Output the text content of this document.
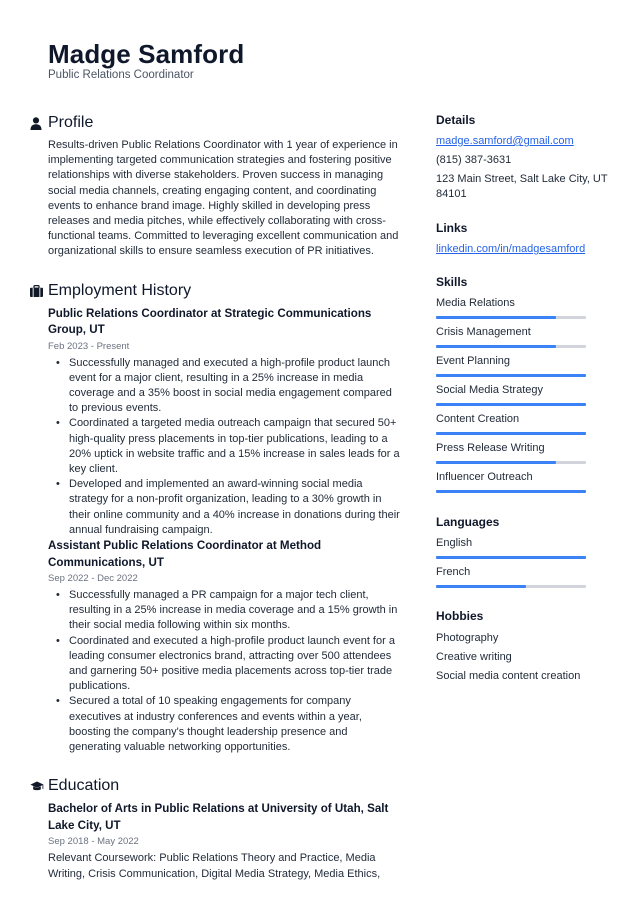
Madge Samford
Public Relations Coordinator
Profile

Results-driven Public Relations Coordinator with 1 year of experience in implementing targeted communication strategies and fostering positive relationships with diverse stakeholders. Proven success in managing social media channels, creating engaging content, and coordinating events to enhance brand image. Highly skilled in developing press releases and media pitches, while effectively collaborating with cross-functional teams. Committed to leveraging excellent communication and organizational skills to ensure seamless execution of PR initiatives.

Employment History
Public Relations Coordinator at Strategic Communications Group, UT
Feb 2023 - Present
• Successfully managed and executed a high-profile product launch event for a major client, resulting in a 25% increase in media coverage and a 35% boost in social media engagement compared to previous events.
• Coordinated a targeted media outreach campaign that secured 50+ high-quality press placements in top-tier publications, leading to a 20% uptick in website traffic and a 15% increase in sales leads for a key client.
• Developed and implemented an award-winning social media strategy for a non-profit organization, leading to a 30% growth in their online community and a 40% increase in donations during their annual fundraising campaign.
Assistant Public Relations Coordinator at Method Communications, UT
Sep 2022 - Dec 2022
• Successfully managed a PR campaign for a major tech client, resulting in a 25% increase in media coverage and a 15% growth in their social media following within six months.
• Coordinated and executed a high-profile product launch event for a leading consumer electronics brand, attracting over 500 attendees and garnering 50+ positive media placements across top-tier trade publications.
• Secured a total of 10 speaking engagements for company executives at industry conferences and events within a year, boosting the company's thought leadership presence and generating valuable networking opportunities.
Education
Bachelor of Arts in Public Relations at University of Utah, Salt Lake City, UT
Sep 2018 - May 2022

Relevant Coursework: Public Relations Theory and Practice, Media Writing, Crisis Communication, Digital Media Strategy, Media Ethics,

Details
madge.samford@gmail.com
(815) 387-3631
123 Main Street, Salt Lake City, UT 84101
Links
linkedin.com/in/madgesamford
Skills
Media Relations
Crisis Management
Event Planning
Social Media Strategy
Content Creation
Press Release Writing
Influencer Outreach
Languages
English
French
Hobbies
Photography
Creative writing
Social media content creation
